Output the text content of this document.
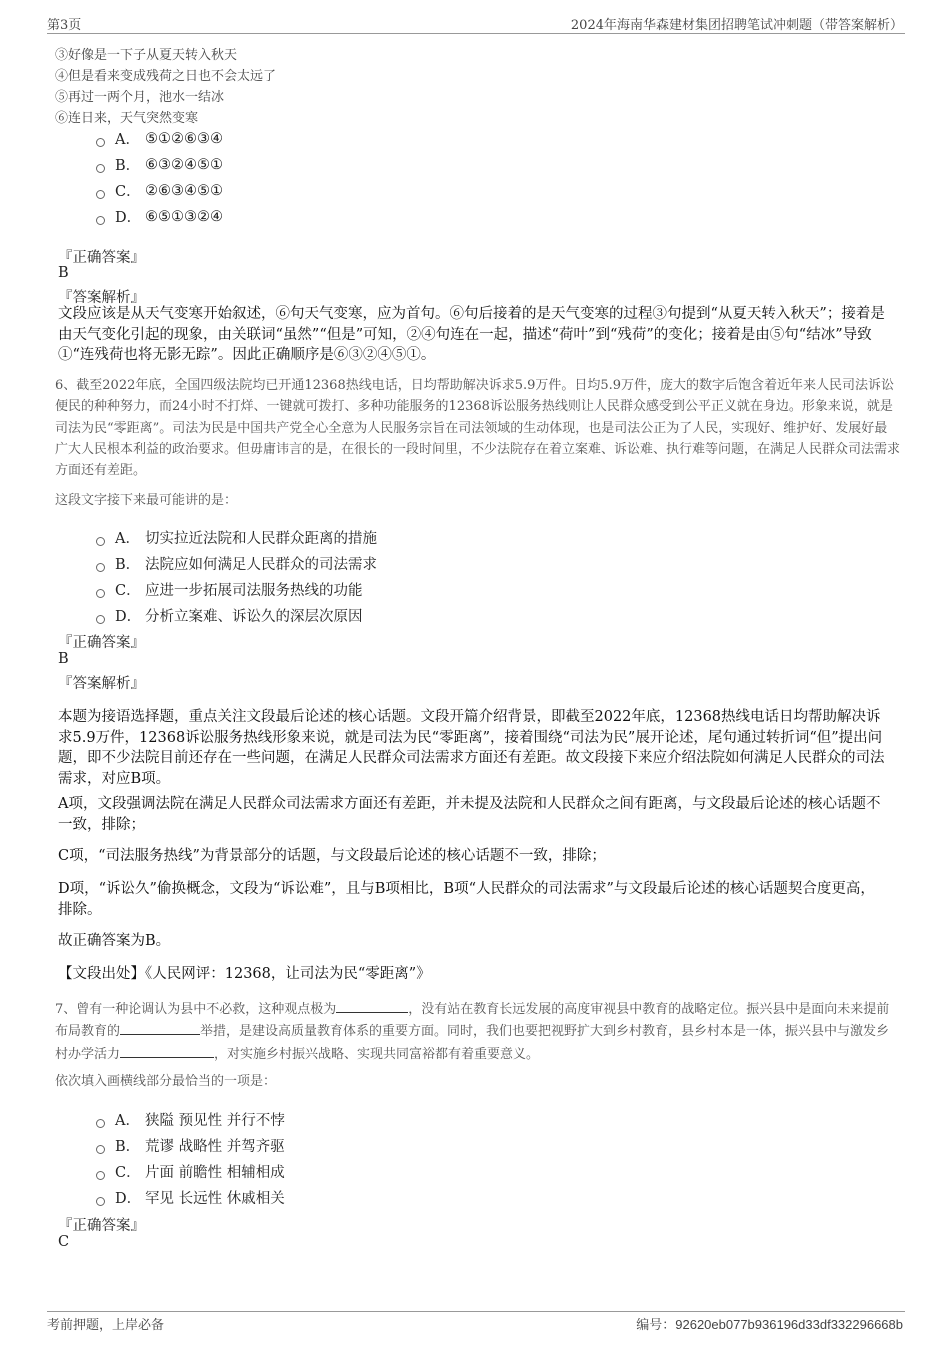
第3页	2024年海南华森建材集团招聘笔试冲刺题（带答案解析）
③好像是一下子从夏天转入秋天
④但是看来变成残荷之日也不会太远了
⑤再过一两个月，池水一结冰
⑥连日来，天气突然变寒
A． ⑤①②⑥③④
B． ⑥③②④⑤①
C． ②⑥③④⑤①
D． ⑥⑤①③②④
『正确答案』
B
『答案解析』
文段应该是从天气变寒开始叙述，⑥句天气变寒，应为首句。⑥句后接着的是天气变寒的过程③句提到“从夏天转入秋天”；接着是由天气变化引起的现象，由关联词“虽然”“但是”可知，②④句连在一起，描述“荷叶”到“残荷”的变化；接着是由⑤句“结冰”导致①“连残荷也将无影无踪”。因此正确顺序是⑥③②④⑤①。
6、截至2022年底，全国四级法院均已开通12368热线电话，日均帮助解决诉求5.9万件。日均5.9万件，庞大的数字后饱含着近年来人民司法诉讼便民的种种努力，而24小时不打烊、一键就可拨打、多种功能服务的12368诉讼服务热线则让人民群众感受到公平正义就在身边。形象来说，就是司法为民“零距离”。司法为民是中国共产党全心全意为人民服务宗旨在司法领域的生动体现，也是司法公正为了人民，实现好、维护好、发展好最广大人民根本利益的政治要求。但毋庸讳言的是，在很长的一段时间里，不少法院存在着立案难、诉讼难、执行难等问题，在满足人民群众司法需求方面还有差距。
这段文字接下来最可能讲的是：
A． 切实拉近法院和人民群众距离的措施
B． 法院应如何满足人民群众的司法需求
C． 应进一步拓展司法服务热线的功能
D． 分析立案难、诉讼久的深层次原因
『正确答案』
B
『答案解析』
本题为接语选择题，重点关注文段最后论述的核心话题。文段开篇介绍背景，即截至2022年底，12368热线电话日均帮助解决诉求5.9万件，12368诉讼服务热线形象来说，就是司法为民“零距离”，接着围绕“司法为民”展开论述，尾句通过转折词“但”提出问题，即不少法院目前还存在一些问题，在满足人民群众司法需求方面还有差距。故文段接下来应介绍法院如何满足人民群众的司法需求，对应B项。
A项，文段强调法院在满足人民群众司法需求方面还有差距，并未提及法院和人民群众之间有距离，与文段最后论述的核心话题不一致，排除；
C项，“司法服务热线”为背景部分的话题，与文段最后论述的核心话题不一致，排除；
D项，“诉讼久”偷换概念，文段为“诉讼难”，且与B项相比，B项“人民群众的司法需求”与文段最后论述的核心话题契合度更高，排除。
故正确答案为B。
【文段出处】《人民网评：12368，让司法为民“零距离”》
7、曾有一种论调认为县中不必救，这种观点极为	，没有站在教育长远发展的高度审视县中教育的战略定位。振兴县中是面向未来提前布局教育的	举措，是建设高质量教育体系的重要方面。同时，我们也要把视野扩大到乡村教育，县乡村本是一体，振兴县中与激发乡村办学活力	，对实施乡村振兴战略、实现共同富裕都有着重要意义。
依次填入画横线部分最恰当的一项是：
A． 狭隘 预见性 并行不悖
B． 荒谬 战略性 并驾齐驱
C． 片面 前瞻性 相辅相成
D． 罕见 长远性 休戚相关
『正确答案』
C
考前押题，上岸必备	编号：92620eb077b936196d33df332296668b
